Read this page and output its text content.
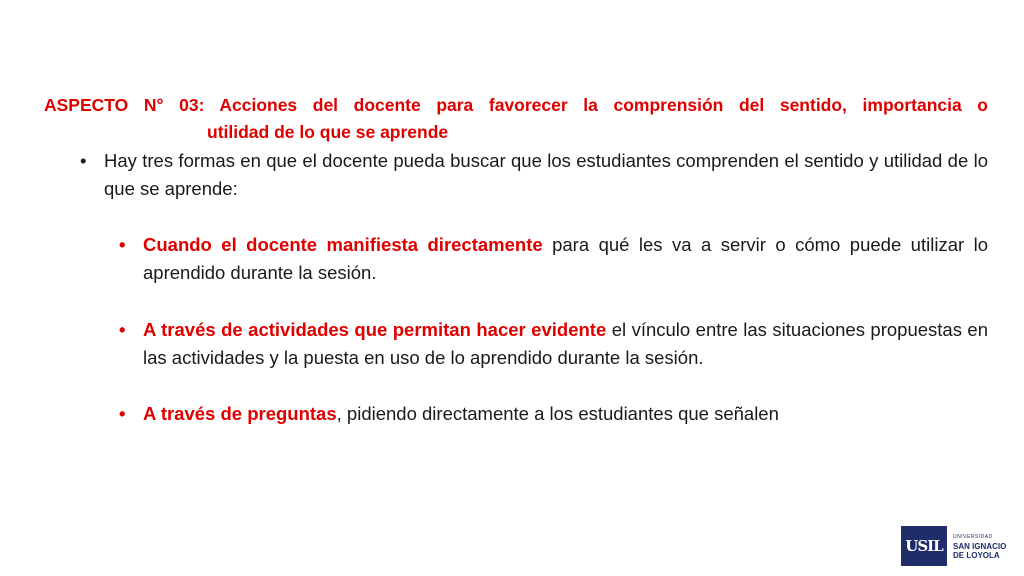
ASPECTO N° 03: Acciones del docente para favorecer la comprensión del sentido, importancia o
utilidad de lo que se aprende
• Hay tres formas en que el docente pueda buscar que los estudiantes comprenden el sentido y utilidad de lo que se aprende:
• Cuando el docente manifiesta directamente para qué les va a servir o cómo puede utilizar lo aprendido durante la sesión.
• A través de actividades que permitan hacer evidente el vínculo entre las situaciones propuestas en las actividades y la puesta en uso de lo aprendido durante la sesión.
• A través de preguntas, pidiendo directamente a los estudiantes que señalen
USIL
UNIVERSIDAD
SAN IGNACIO
DE LOYOLA
